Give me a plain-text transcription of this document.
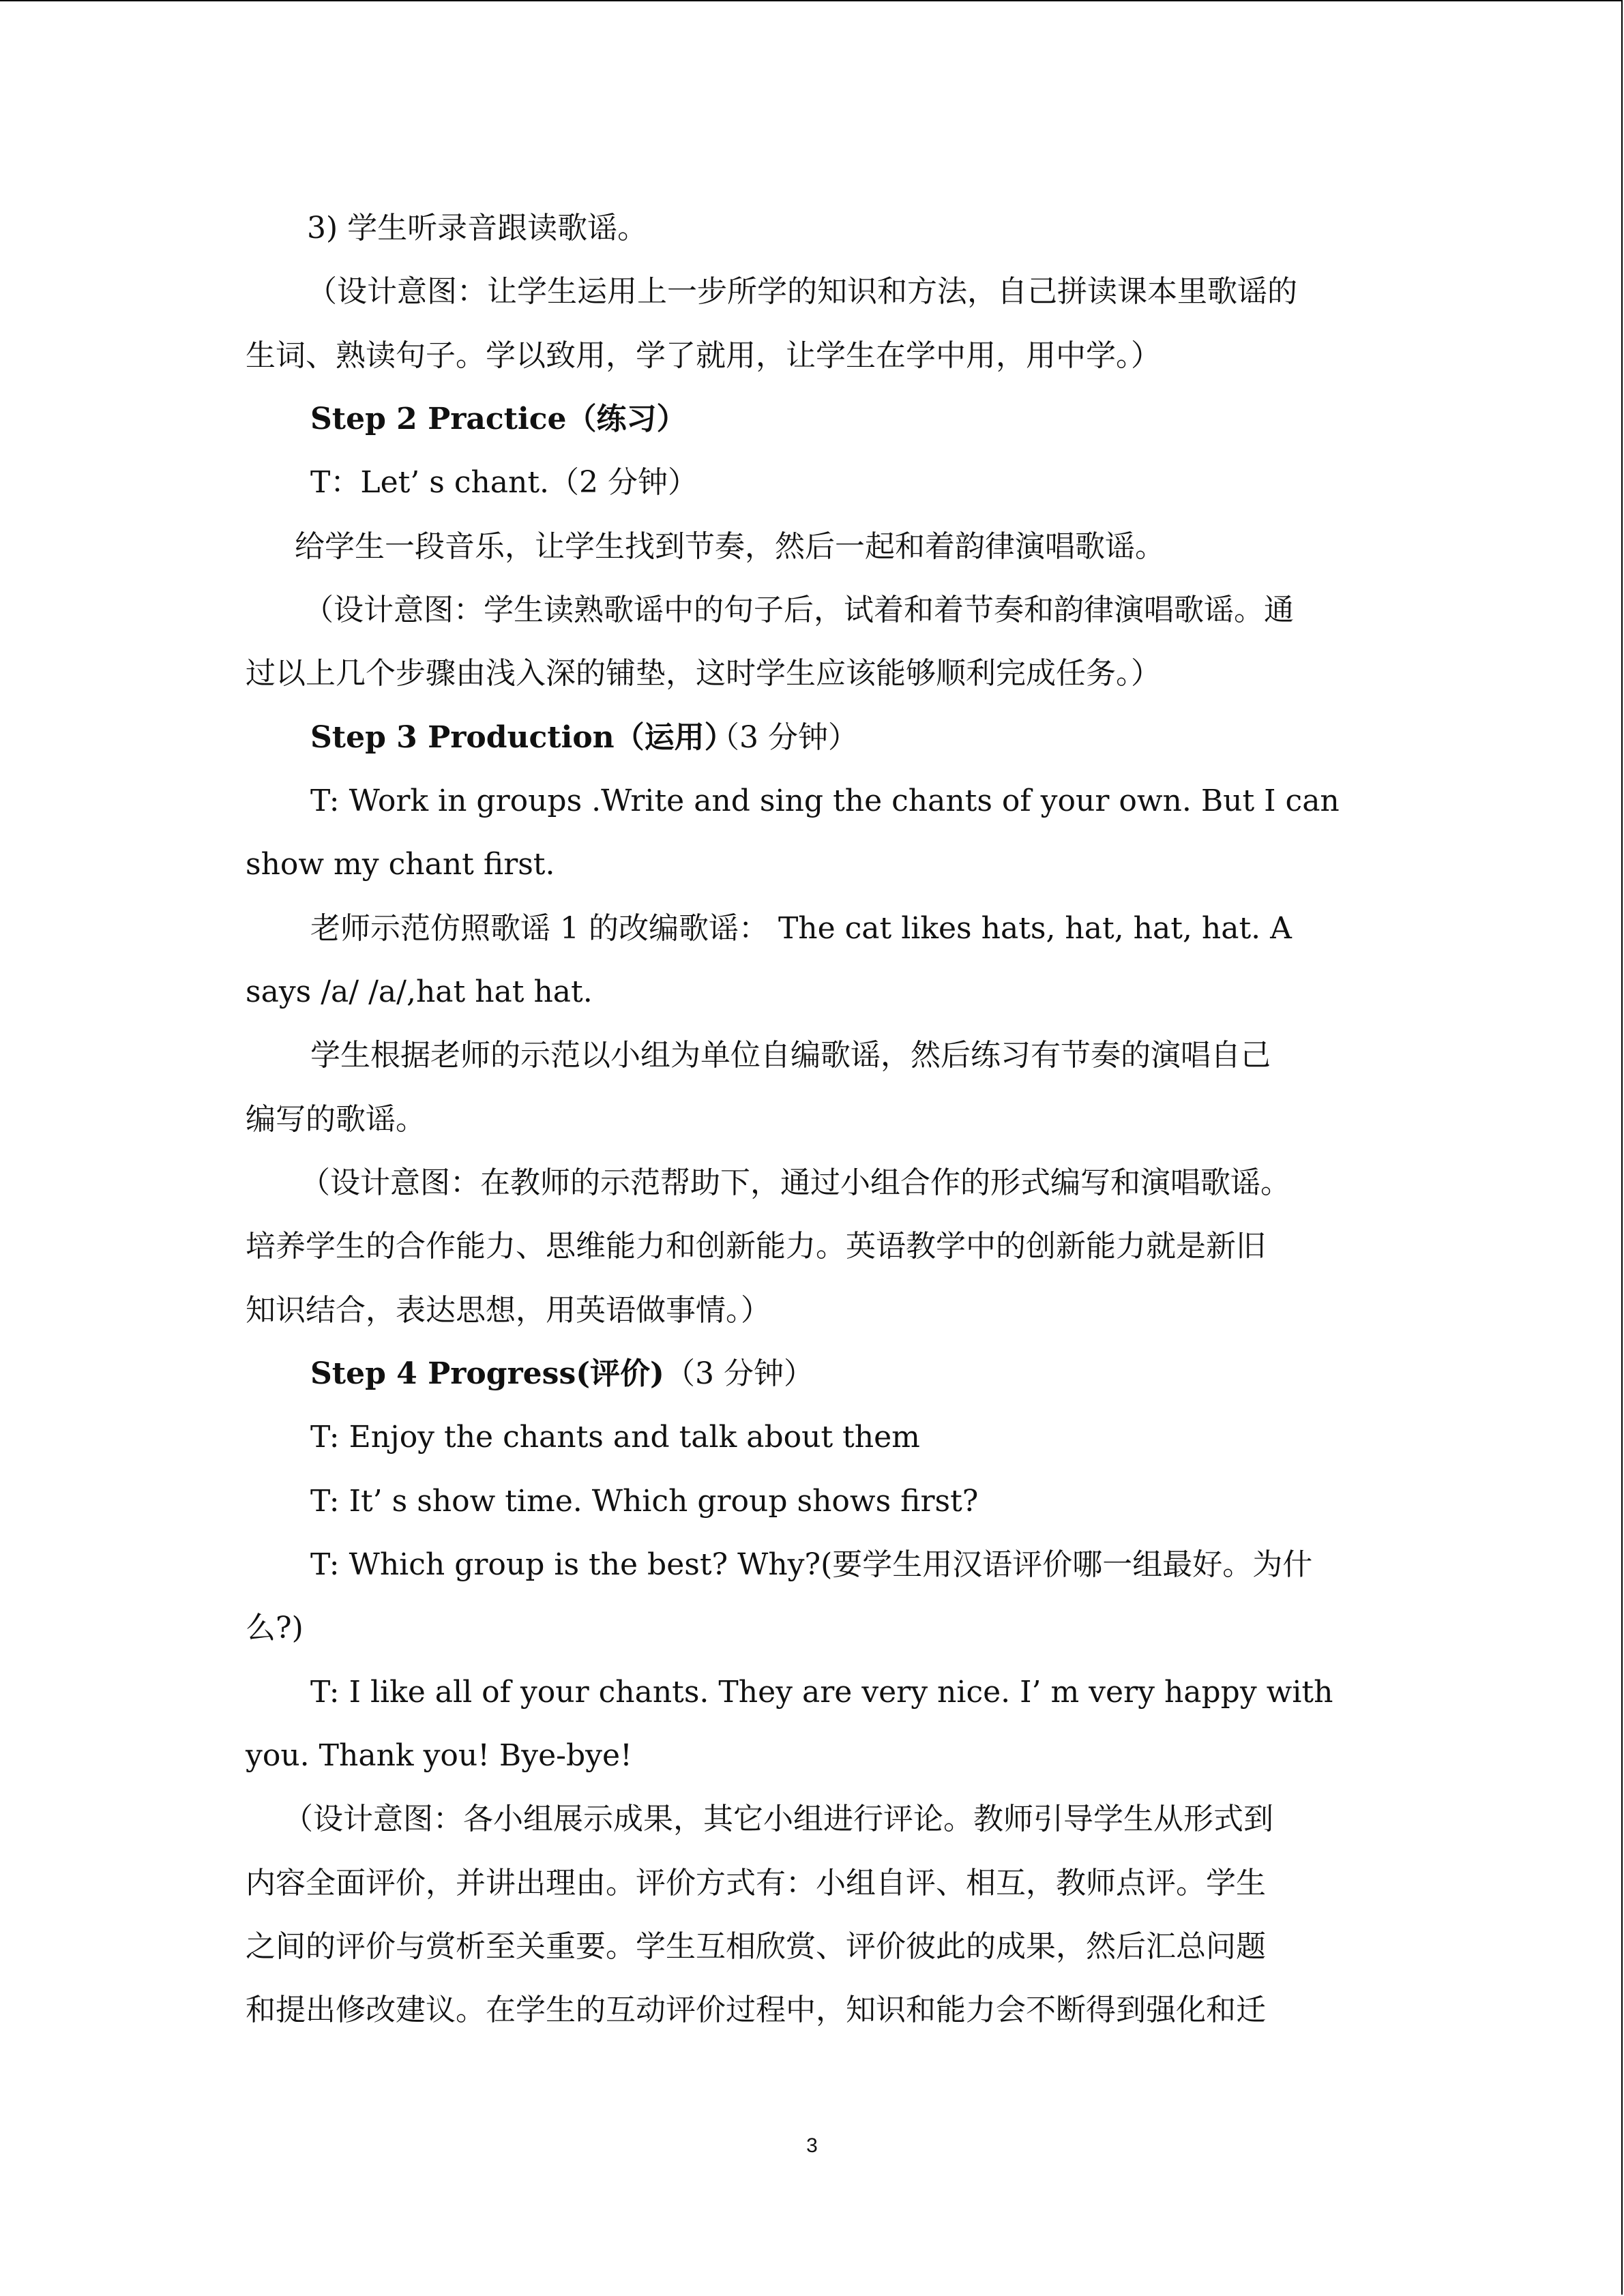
3) 学生听录音跟读歌谣。
（设计意图：让学生运用上一步所学的知识和方法，自己拼读课本里歌谣的
生词、熟读句子。学以致用，学了就用，让学生在学中用，用中学。）
Step 2 Practice（练习）
T：Let’ s chant.（2 分钟）
给学生一段音乐，让学生找到节奏，然后一起和着韵律演唱歌谣。
（设计意图：学生读熟歌谣中的句子后，试着和着节奏和韵律演唱歌谣。通
过以上几个步骤由浅入深的铺垫，这时学生应该能够顺利完成任务。）
Step 3 Production（运用）
（3 分钟）
T: Work in groups .Write and sing the chants of your own. But I can
show my chant first.
老师示范仿照歌谣 1 的改编歌谣： The cat likes hats, hat, hat, hat. A
says /a/ /a/,hat hat hat.
学生根据老师的示范以小组为单位自编歌谣，然后练习有节奏的演唱自己
编写的歌谣。
（设计意图：在教师的示范帮助下，通过小组合作的形式编写和演唱歌谣。
培养学生的合作能力、思维能力和创新能力。英语教学中的创新能力就是新旧
知识结合，表达思想，用英语做事情。）
Step 4 Progress(评价) （3 分钟）
T: Enjoy the chants and talk about them
T: It’ s show time. Which group shows first?
T: Which group is the best? Why?(要学生用汉语评价哪一组最好。为什
么?)
T: I like all of your chants. They are very nice. I’ m very happy with
you. Thank you! Bye-bye!
（设计意图：各小组展示成果，其它小组进行评论。教师引导学生从形式到
内容全面评价，并讲出理由。评价方式有：小组自评、相互，教师点评。学生
之间的评价与赏析至关重要。学生互相欣赏、评价彼此的成果，然后汇总问题
和提出修改建议。在学生的互动评价过程中，知识和能力会不断得到强化和迁
3
